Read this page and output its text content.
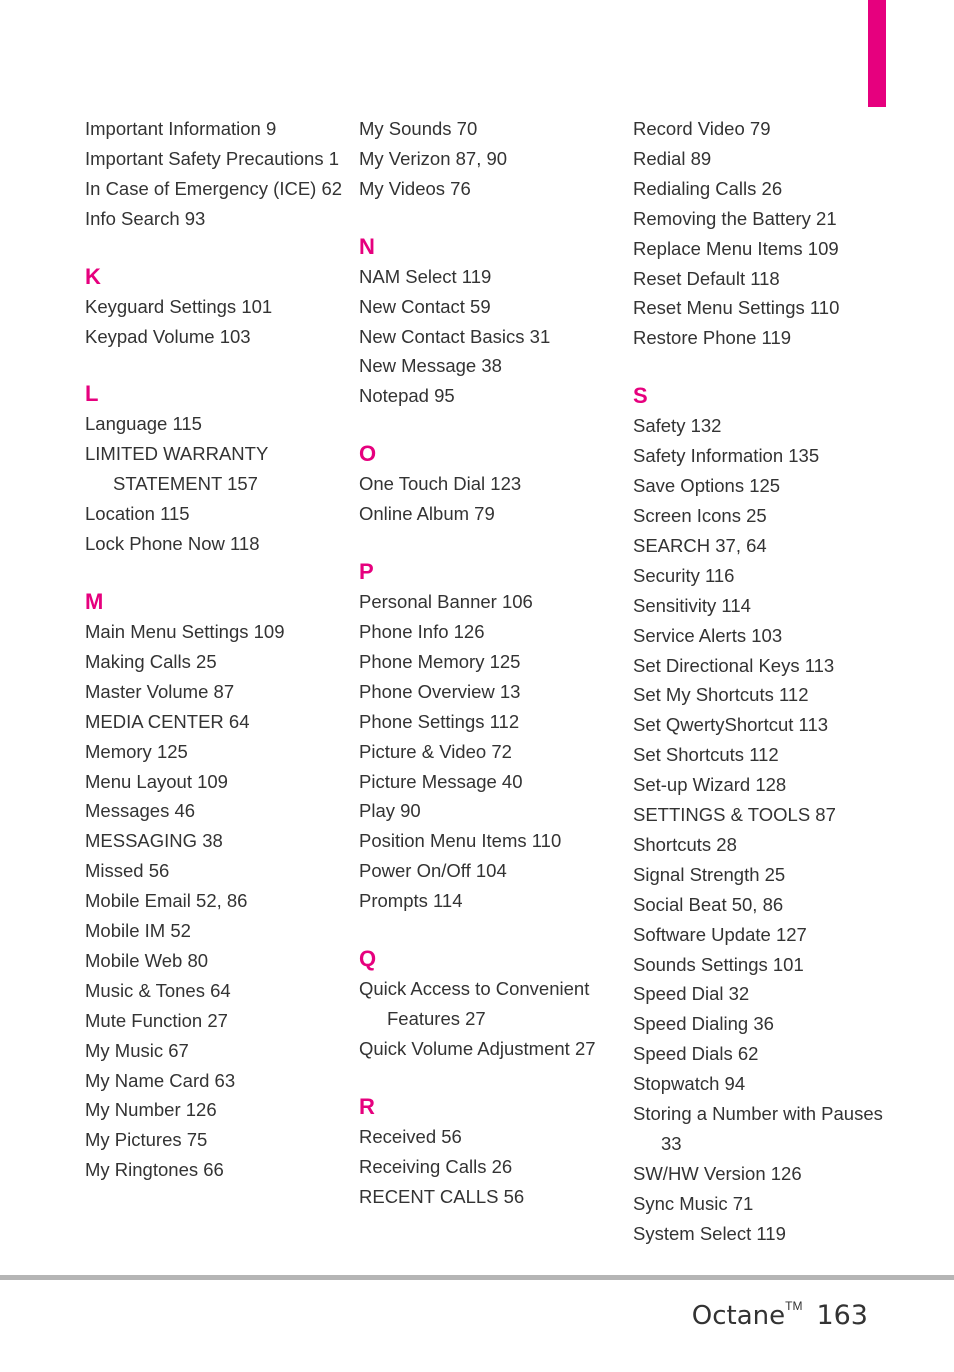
Important Information 9
Important Safety Precautions 1
In Case of Emergency (ICE) 62
Info Search 93
K
Keyguard Settings 101
Keypad Volume 103
L
Language 115
LIMITED WARRANTY STATEMENT 157
Location 115
Lock Phone Now 118
M
Main Menu Settings 109
Making Calls 25
Master Volume 87
MEDIA CENTER 64
Memory 125
Menu Layout 109
Messages 46
MESSAGING 38
Missed 56
Mobile Email 52, 86
Mobile IM 52
Mobile Web 80
Music & Tones 64
Mute Function 27
My Music 67
My Name Card 63
My Number 126
My Pictures 75
My Ringtones 66
My Sounds 70
My Verizon 87, 90
My Videos 76
N
NAM Select 119
New Contact 59
New Contact Basics 31
New Message 38
Notepad 95
O
One Touch Dial 123
Online Album 79
P
Personal Banner 106
Phone Info 126
Phone Memory 125
Phone Overview 13
Phone Settings 112
Picture & Video 72
Picture Message 40
Play 90
Position Menu Items 110
Power On/Off 104
Prompts 114
Q
Quick Access to Convenient Features 27
Quick Volume Adjustment 27
R
Received 56
Receiving Calls 26
RECENT CALLS 56
Record Video 79
Redial 89
Redialing Calls 26
Removing the Battery 21
Replace Menu Items 109
Reset Default 118
Reset Menu Settings 110
Restore Phone 119
S
Safety 132
Safety Information 135
Save Options 125
Screen Icons 25
SEARCH 37, 64
Security 116
Sensitivity 114
Service Alerts 103
Set Directional Keys 113
Set My Shortcuts 112
Set QwertyShortcut 113
Set Shortcuts 112
Set-up Wizard 128
SETTINGS & TOOLS 87
Shortcuts 28
Signal Strength 25
Social Beat 50, 86
Software Update 127
Sounds Settings 101
Speed Dial 32
Speed Dialing 36
Speed Dials 62
Stopwatch 94
Storing a Number with Pauses 33
SW/HW Version 126
Sync Music 71
System Select 119
Octane™ 163
